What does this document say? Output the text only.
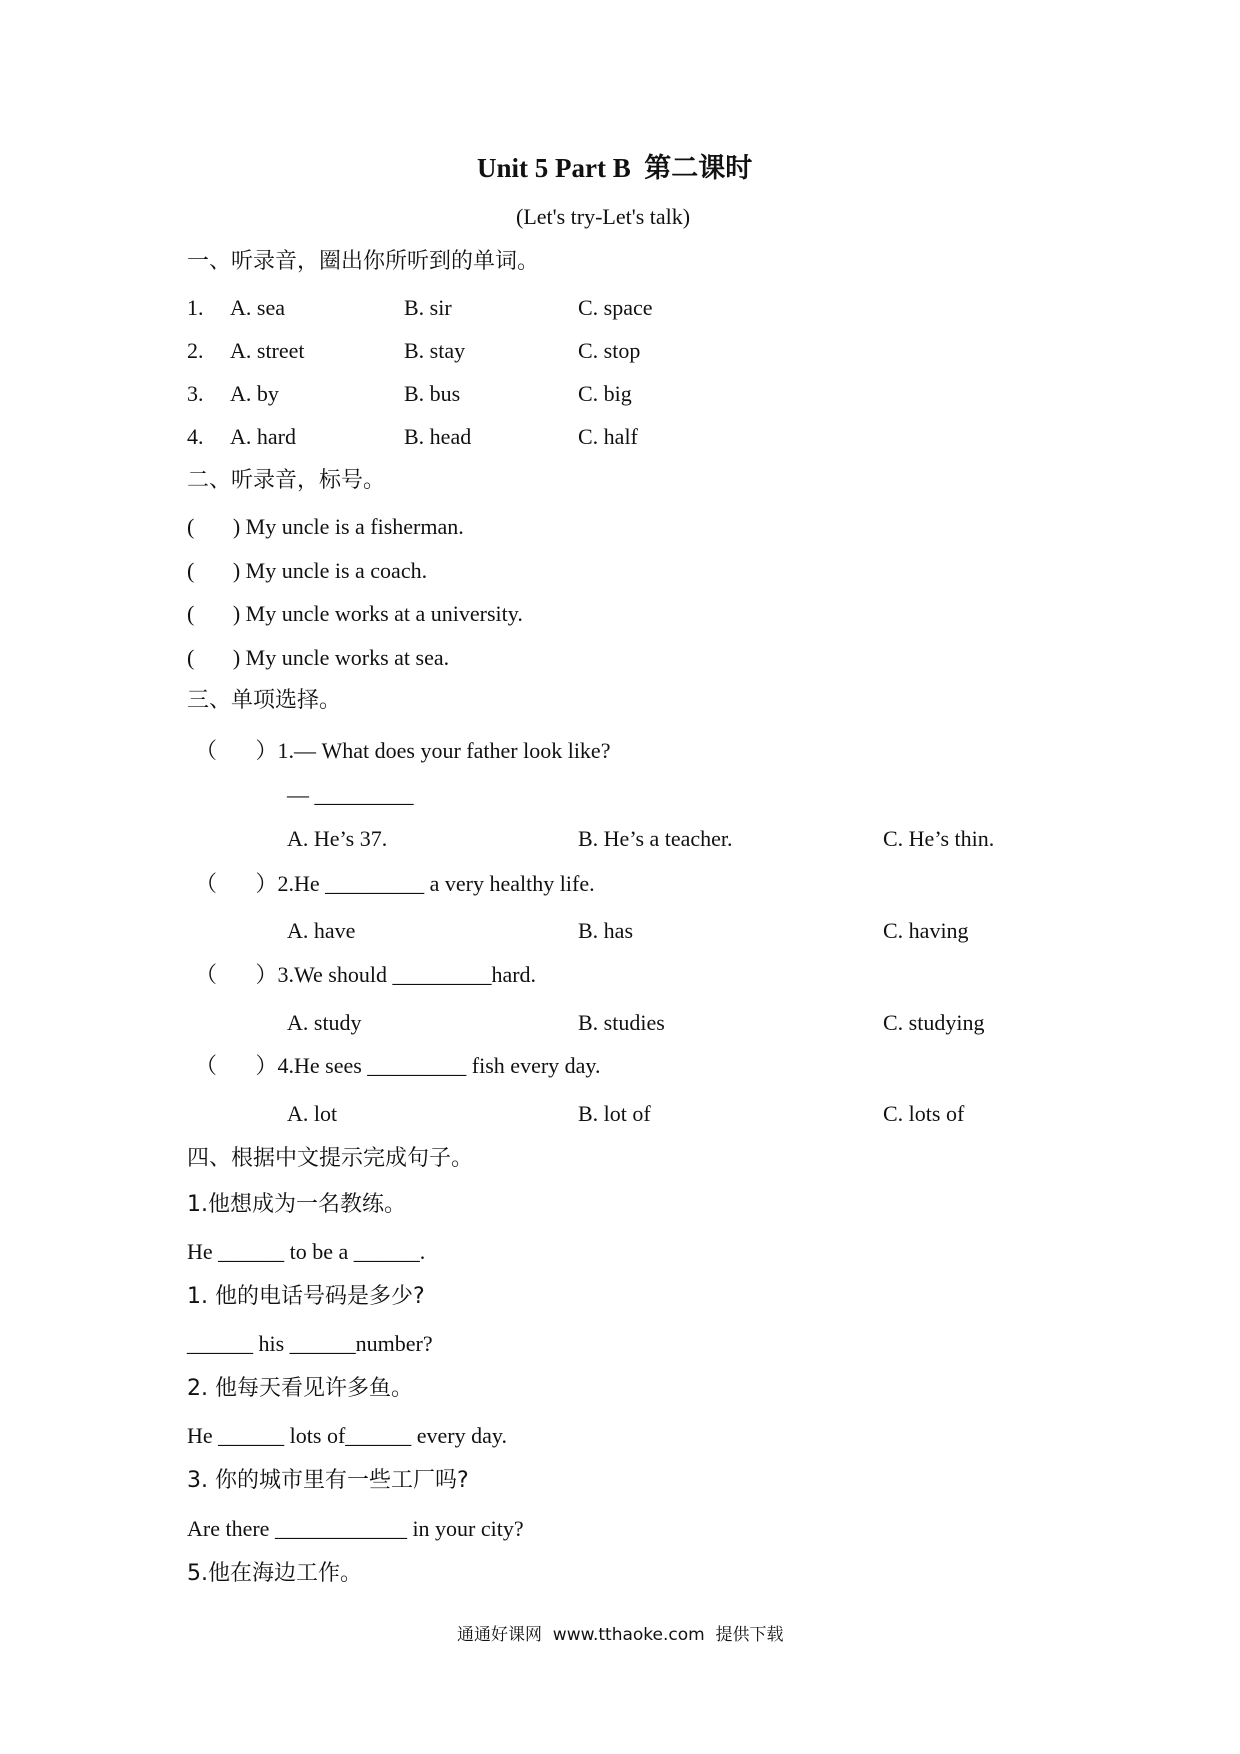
Unit 5 Part B  第二课时
(Let's try-Let's talk)
一、听录音，圈出你所听到的单词。
1. A. sea	B. sir	C. space
2. A. street	B. stay	C. stop
3. A. by	B. bus	C. big
4. A. hard	B. head	C. half
二、听录音，标号。
(       ) My uncle is a fisherman.
(       ) My uncle is a coach.
(       ) My uncle works at a university.
(       ) My uncle works at sea.
三、单项选择。
（       ）1.— What does your father look like?
— _________
A. He’s 37.	B. He’s a teacher.	C. He’s thin.
（       ）2.He _________ a very healthy life.
A. have	B. has	C. having
（       ）3.We should _________hard.
A. study	B. studies	C. studying
（       ）4.He sees _________ fish every day.
A. lot	B. lot of	C. lots of
四、根据中文提示完成句子。
1.他想成为一名教练。
He ______ to be a ______.
1. 他的电话号码是多少?
______ his ______number?
2. 他每天看见许多鱼。
He ______ lots of______ every day.
3. 你的城市里有一些工厂吗?
Are there ____________ in your city?
5.他在海边工作。
通通好课网  www.tthaoke.com  提供下载
